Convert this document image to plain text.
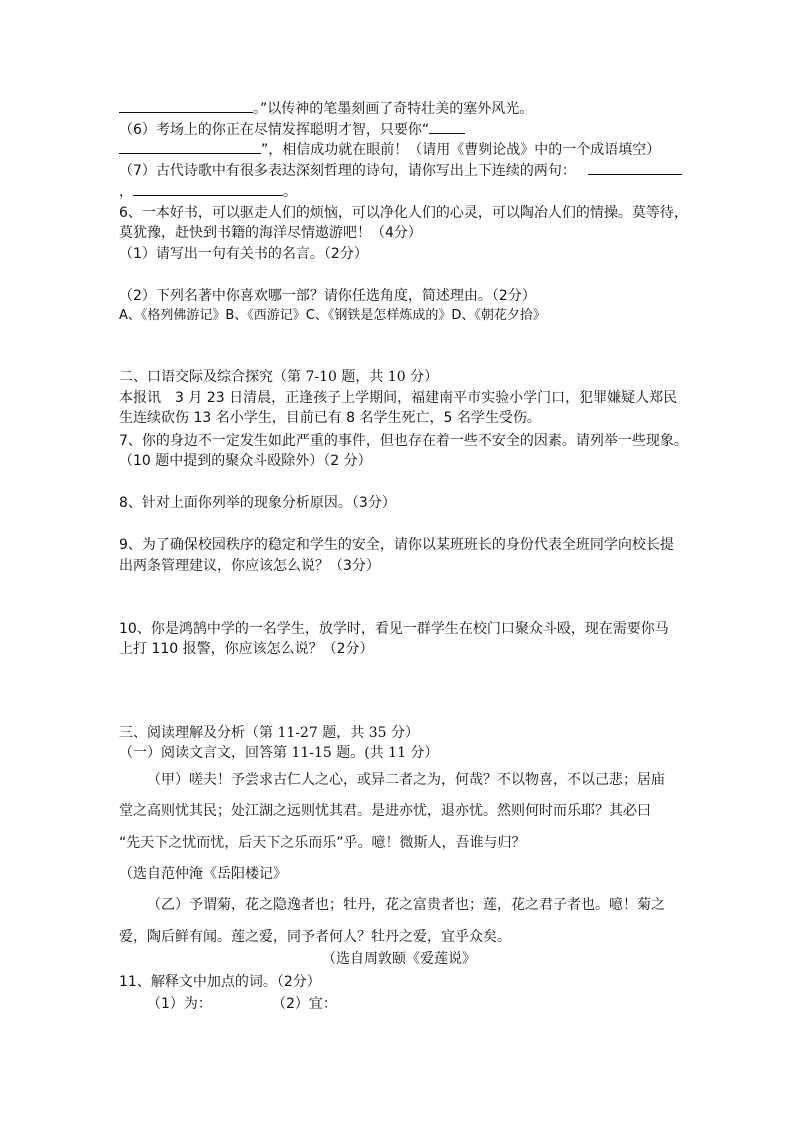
。”以传神的笔墨刻画了奇特壮美的塞外风光。
（6）考场上的你正在尽情发挥聪明才智，只要你“
”，相信成功就在眼前！（请用《曹刿论战》中的一个成语填空）
（7）古代诗歌中有很多表达深刻哲理的诗句，请你写出上下连续的两句：
，	。
6、一本好书，可以驱走人们的烦恼，可以净化人们的心灵，可以陶冶人们的情操。莫等待，
莫犹豫，赶快到书籍的海洋尽情遨游吧！（4分）
（1）请写出一句有关书的名言。（2分）
（2）下列名著中你喜欢哪一部？请你任选角度，简述理由。（2分）
A、《格列佛游记》B、《西游记》C、《钢铁是怎样炼成的》D、《朝花夕拾》
二、口语交际及综合探究（第 7-10 题，共 10 分）
本报讯　3 月 23 日清晨，正逢孩子上学期间，福建南平市实验小学门口，犯罪嫌疑人郑民
生连续砍伤 13 名小学生，目前已有 8 名学生死亡，5 名学生受伤。
7、你的身边不一定发生如此严重的事件，但也存在着一些不安全的因素。请列举一些现象。
（10 题中提到的聚众斗殴除外）（2 分）
8、针对上面你列举的现象分析原因。（3分）
9、为了确保校园秩序的稳定和学生的安全，请你以某班班长的身份代表全班同学向校长提
出两条管理建议，你应该怎么说？（3分）
10、你是鸿鹄中学的一名学生，放学时，看见一群学生在校门口聚众斗殴，现在需要你马
上打 110 报警，你应该怎么说？（2分）
三、阅读理解及分析（第 11-27 题，共 35 分）
（一）阅读文言文，回答第 11-15 题。(共 11 分）
（甲）嗟夫！予尝求古仁人之心，或异二者之为，何哉？不以物喜，不以己悲；居庙
堂之高则忧其民；处江湖之远则忧其君。是进亦忧，退亦忧。然则何时而乐耶？其必曰
“先天下之忧而忧，后天下之乐而乐”乎。噫！微斯人，吾谁与归？
（选自范仲淹《岳阳楼记》
（乙）予谓菊，花之隐逸者也；牡丹，花之富贵者也；莲，花之君子者也。噫！菊之
爱，陶后鲜有闻。莲之爱，同予者何人？牡丹之爱，宜乎众矣。
（选自周敦颐《爱莲说》
11、解释文中加点的词。（2分）
（1）为：	（2）宜：
